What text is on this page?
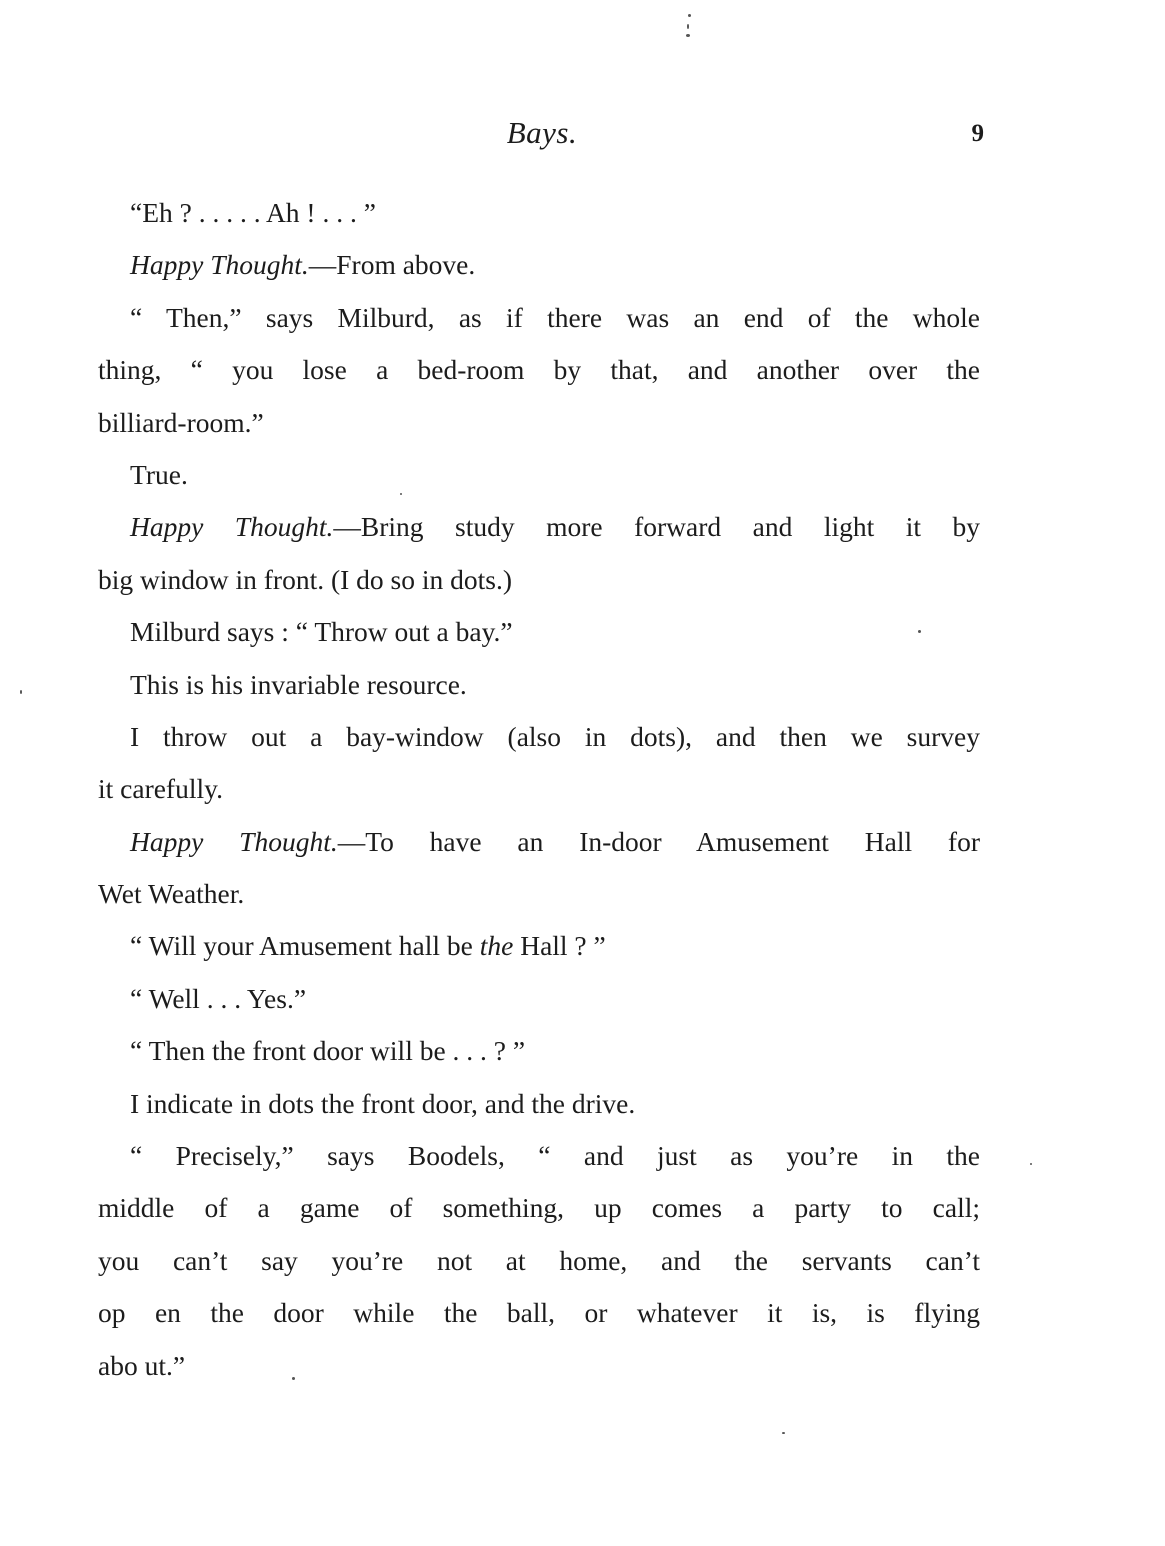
Bays.	9
“Eh ? . . . . . Ah ! . . . ”
Happy Thought.—From above.
“ Then,” says Milburd, as if there was an end of the whole
thing, “ you lose a bed-room by that, and another over the
billiard-room.”
True.
Happy Thought.—Bring study more forward and light it by
big window in front. (I do so in dots.)
Milburd says : “ Throw out a bay.”
This is his invariable resource.
I throw out a bay-window (also in dots), and then we survey
it carefully.
Happy Thought.—To have an In-door Amusement Hall for
Wet Weather.
“ Will your Amusement hall be the Hall ? ”
“ Well . . . Yes.”
“ Then the front door will be . . . ? ”
I indicate in dots the front door, and the drive.
“ Precisely,” says Boodels, “ and just as you’re in the
middle of a game of something, up comes a party to call;
you can’t say you’re not at home, and the servants can’t
op en the door while the ball, or whatever it is, is flying
abo ut.”
